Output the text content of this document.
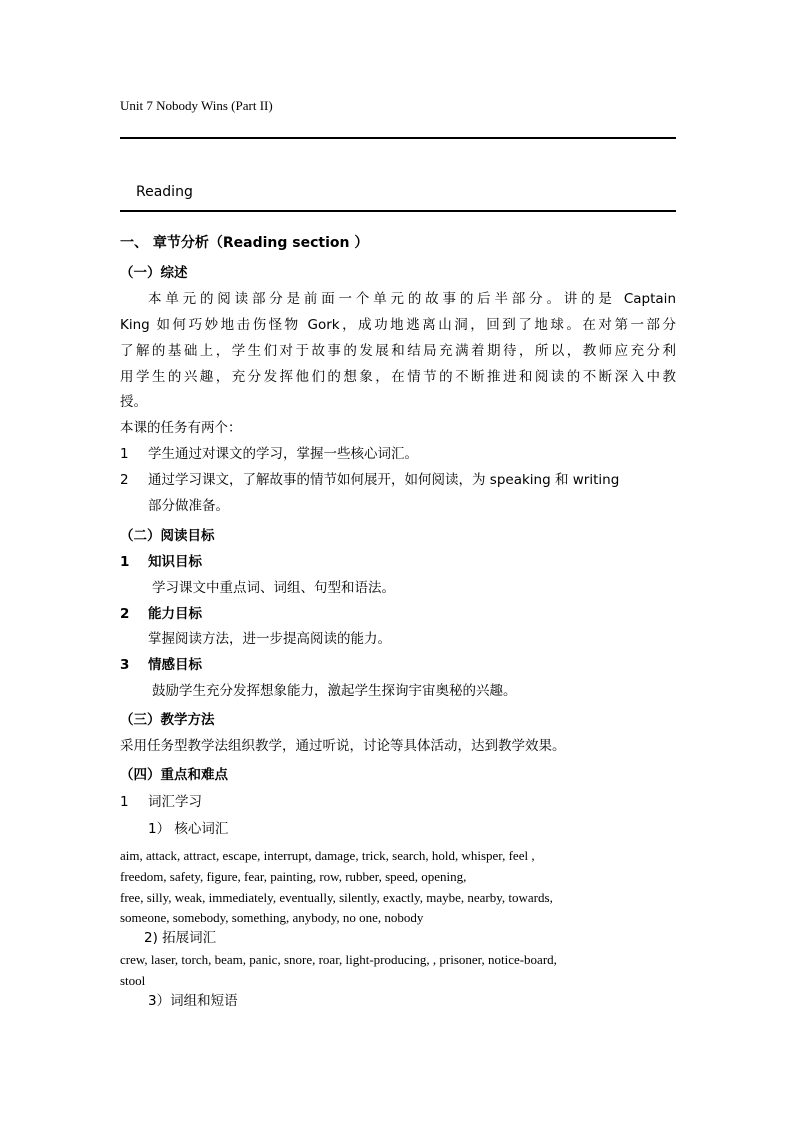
Unit 7 Nobody Wins (Part II)
Reading
一、 章节分析（Reading section ）
（一）综述
本单元的阅读部分是前面一个单元的故事的后半部分。讲的是 Captain
King 如何巧妙地击伤怪物 Gork，成功地逃离山洞，回到了地球。在对第一部分
了解的基础上，学生们对于故事的发展和结局充满着期待，所以，教师应充分利
用学生的兴趣，充分发挥他们的想象，在情节的不断推进和阅读的不断深入中教
授。
本课的任务有两个：
1 学生通过对课文的学习，掌握一些核心词汇。
2 通过学习课文，了解故事的情节如何展开，如何阅读，为 speaking 和 writing
部分做准备。
（二）阅读目标
1 知识目标
学习课文中重点词、词组、句型和语法。
2 能力目标
掌握阅读方法，进一步提高阅读的能力。
3 情感目标
鼓励学生充分发挥想象能力，激起学生探询宇宙奥秘的兴趣。
（三）教学方法
采用任务型教学法组织教学，通过听说，讨论等具体活动，达到教学效果。
（四）重点和难点
1 词汇学习
1） 核心词汇
aim, attack, attract, escape, interrupt, damage, trick, search, hold, whisper, feel ,
freedom, safety, figure, fear, painting, row, rubber, speed, opening,
free, silly, weak, immediately, eventually, silently, exactly, maybe, nearby, towards,
someone, somebody, something, anybody, no one, nobody
2) 拓展词汇
crew, laser, torch, beam, panic, snore, roar, light-producing, , prisoner, notice-board,
stool
3）词组和短语
